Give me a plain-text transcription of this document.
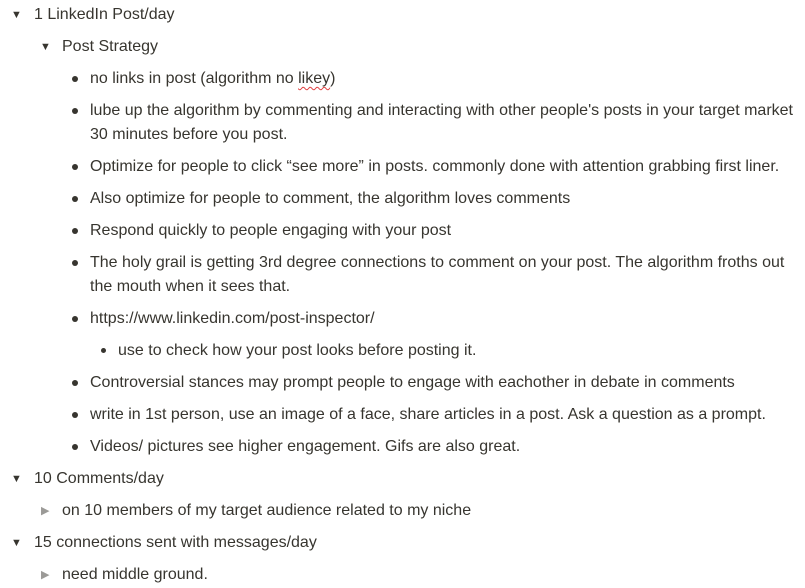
▼ 1 LinkedIn Post/day
▼ Post Strategy
no links in post (algorithm no likey)
lube up the algorithm by commenting and interacting with other people's posts in your target market 30 minutes before you post.
Optimize for people to click “see more” in posts. commonly done with attention grabbing first liner.
Also optimize for people to comment, the algorithm loves comments
Respond quickly to people engaging with your post
The holy grail is getting 3rd degree connections to comment on your post. The algorithm froths out the mouth when it sees that.
https://www.linkedin.com/post-inspector/
use to check how your post looks before posting it.
Controversial stances may prompt people to engage with eachother in debate in comments
write in 1st person, use an image of a face, share articles in a post. Ask a question as a prompt.
Videos/ pictures see higher engagement. Gifs are also great.
▼ 10 Comments/day
▶ on 10 members of my target audience related to my niche
▼ 15 connections sent with messages/day
▶ need middle ground.
